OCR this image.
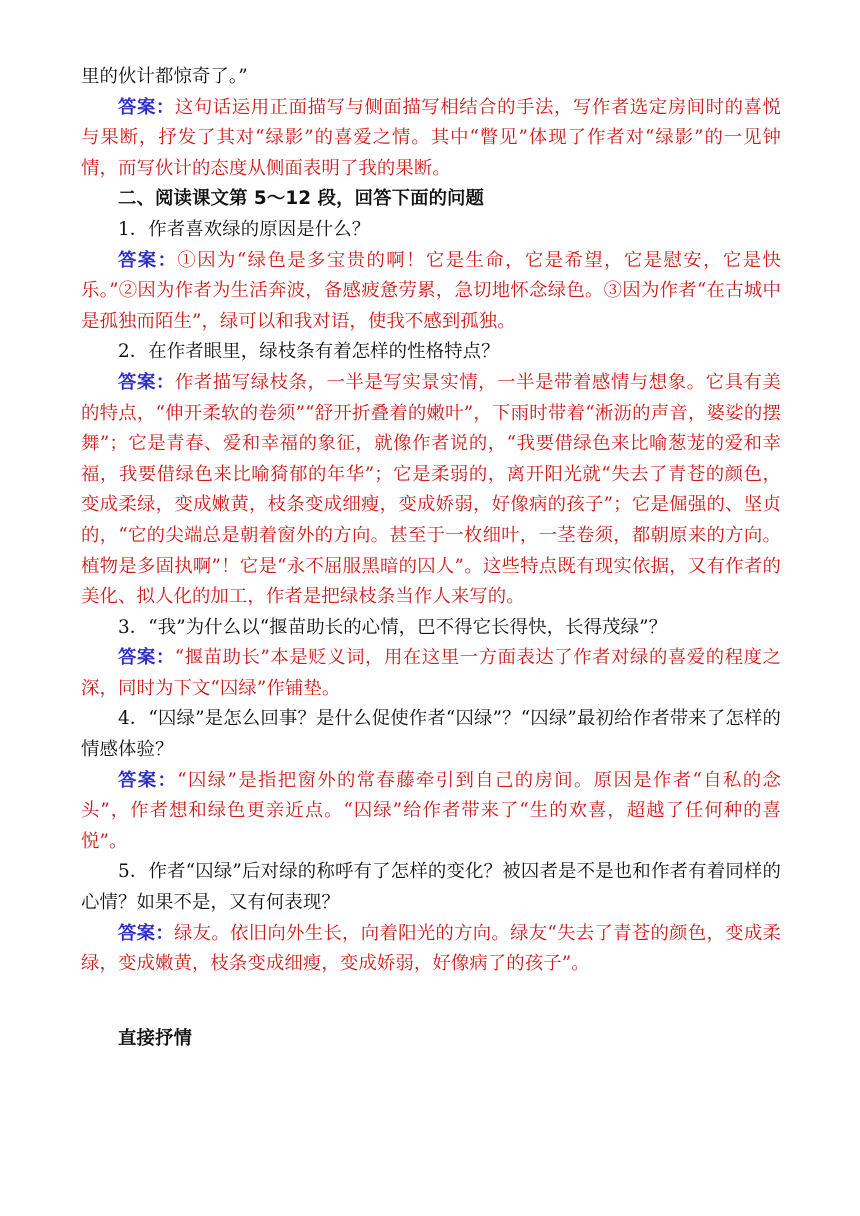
里的伙计都惊奇了。”

答案：这句话运用正面描写与侧面描写相结合的手法，写作者选定房间时的喜悦与果断，抒发了其对“绿影”的喜爱之情。其中“瞥见”体现了作者对“绿影”的一见钟情，而写伙计的态度从侧面表明了我的果断。

二、阅读课文第 5～12 段，回答下面的问题

1．作者喜欢绿的原因是什么？

答案：①因为“绿色是多宝贵的啊！它是生命，它是希望，它是慰安，它是快乐。”②因为作者为生活奔波，备感疲惫劳累，急切地怀念绿色。③因为作者“在古城中是孤独而陌生”，绿可以和我对语，使我不感到孤独。

2．在作者眼里，绿枝条有着怎样的性格特点？

答案：作者描写绿枝条，一半是写实景实情，一半是带着感情与想象。它具有美的特点，“伸开柔软的卷须”“舒开折叠着的嫩叶”，下雨时带着“淅沥的声音，婆娑的摆舞”；它是青春、爱和幸福的象征，就像作者说的，“我要借绿色来比喻葱茏的爱和幸福，我要借绿色来比喻猗郁的年华”；它是柔弱的，离开阳光就“失去了青苍的颜色，变成柔绿，变成嫩黄，枝条变成细瘦，变成娇弱，好像病的孩子”；它是倔强的、坚贞的，“它的尖端总是朝着窗外的方向。甚至于一枚细叶，一茎卷须，都朝原来的方向。植物是多固执啊”！它是“永不屈服黑暗的囚人”。这些特点既有现实依据，又有作者的美化、拟人化的加工，作者是把绿枝条当作人来写的。

3．“我”为什么以“揠苗助长的心情，巴不得它长得快，长得茂绿”？

答案：“揠苗助长”本是贬义词，用在这里一方面表达了作者对绿的喜爱的程度之深，同时为下文“囚绿”作铺垫。

4．“囚绿”是怎么回事？是什么促使作者“囚绿”？“囚绿”最初给作者带来了怎样的情感体验？

答案：“囚绿”是指把窗外的常春藤牵引到自己的房间。原因是作者“自私的念头”，作者想和绿色更亲近点。“囚绿”给作者带来了“生的欢喜，超越了任何种的喜悦”。

5．作者“囚绿”后对绿的称呼有了怎样的变化？被囚者是不是也和作者有着同样的心情？如果不是，又有何表现？

答案：绿友。依旧向外生长，向着阳光的方向。绿友“失去了青苍的颜色，变成柔绿，变成嫩黄，枝条变成细瘦，变成娇弱，好像病了的孩子”。

直接抒情
